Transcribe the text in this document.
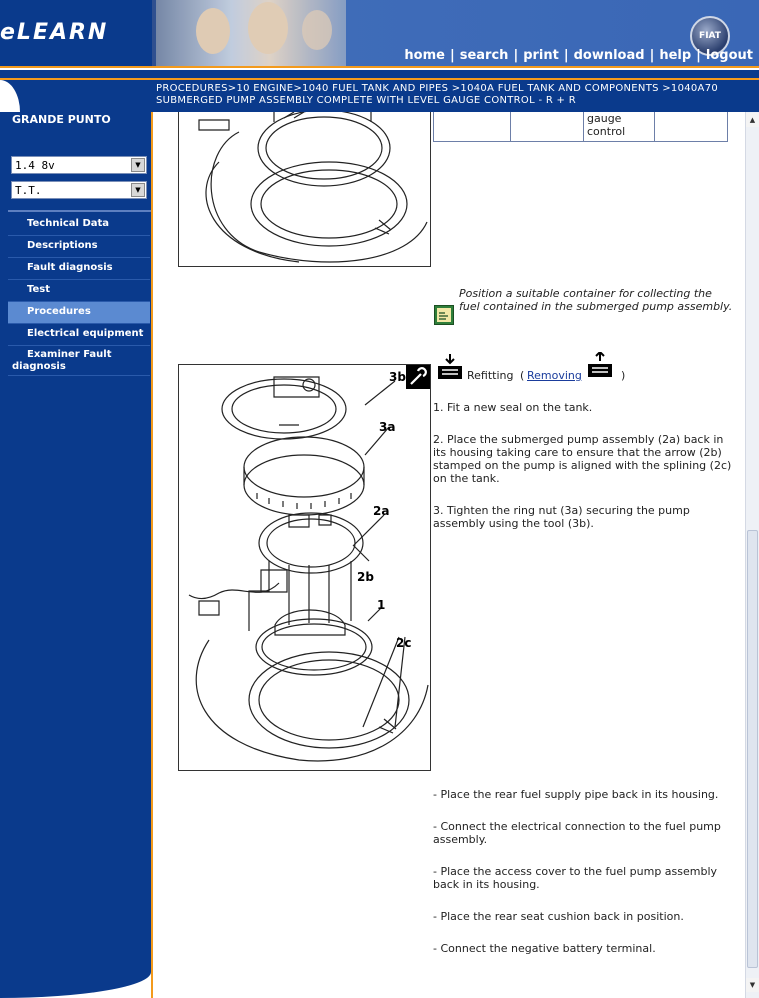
eLEARN	FIAT
home | search | print | download | help | logout
PROCEDURES>10 ENGINE>1040 FUEL TANK AND PIPES >1040A FUEL TANK AND COMPONENTS >1040A70 SUBMERGED PUMP ASSEMBLY COMPLETE WITH LEVEL GAUGE CONTROL - R + R
GRANDE PUNTO
1.4 8v	▼
T.T.	▼
Technical Data
Descriptions
Fault diagnosis
Test
Procedures
Electrical equipment
Examiner Fault diagnosis
		gauge control	
Position a suitable container for collecting the fuel contained in the submerged pump assembly.
3b
3a
2a
2b
1
2c
Refitting ( Removing	)
1. Fit a new seal on the tank.
2. Place the submerged pump assembly (2a) back in its housing taking care to ensure that the arrow (2b) stamped on the pump is aligned with the splining (2c) on the tank.
3. Tighten the ring nut (3a) securing the pump assembly using the tool (3b).
- Place the rear fuel supply pipe back in its housing.
- Connect the electrical connection to the fuel pump assembly.
- Place the access cover to the fuel pump assembly back in its housing.
- Place the rear seat cushion back in position.
- Connect the negative battery terminal.
▲
▼
